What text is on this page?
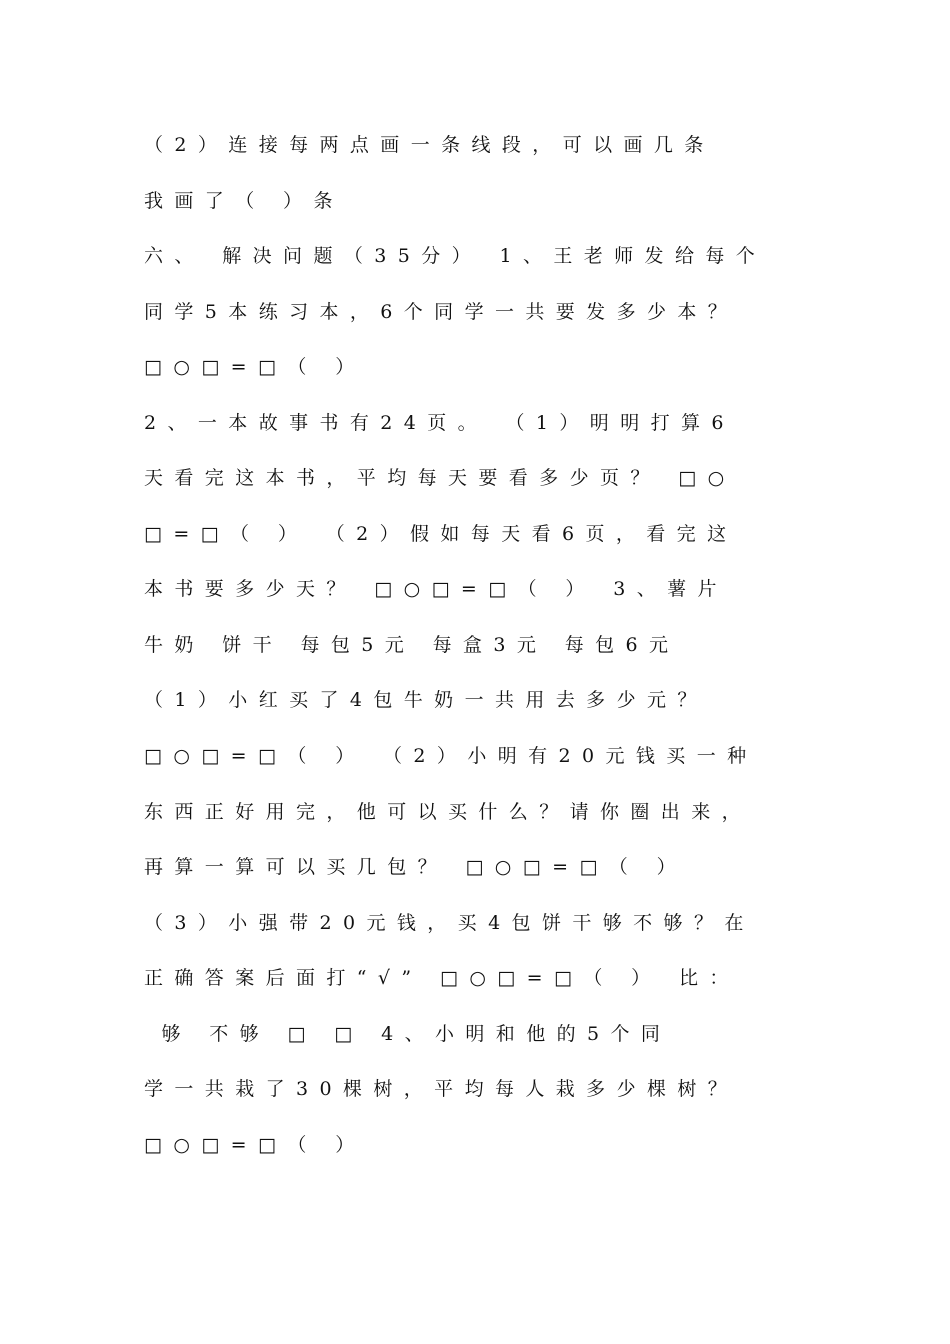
（2）连接每两点画一条线段，可以画几条
我画了（ ）条
六、 解决问题（35分） 1、王老师发给每个
同学5本练习本，6个同学一共要发多少本？
□○□=□（ ）
2、一本故事书有24页。 （1）明明打算6
天看完这本书，平均每天要看多少页？ □○
□=□（ ） （2）假如每天看6页，看完这
本书要多少天？ □○□=□（ ） 3、薯片
牛奶 饼干 每包5元 每盒3元 每包6元
（1）小红买了4包牛奶一共用去多少元？
□○□=□（ ） （2）小明有20元钱买一种
东西正好用完，他可以买什么？请你圈出来，
再算一算可以买几包？ □○□=□（ ）
（3）小强带20元钱，买4包饼干够不够？在
正确答案后面打“√” □○□=□（ ） 比：
够 不够 □ □ 4、小明和他的5个同
学一共栽了30棵树，平均每人栽多少棵树？
□○□=□（ ）
